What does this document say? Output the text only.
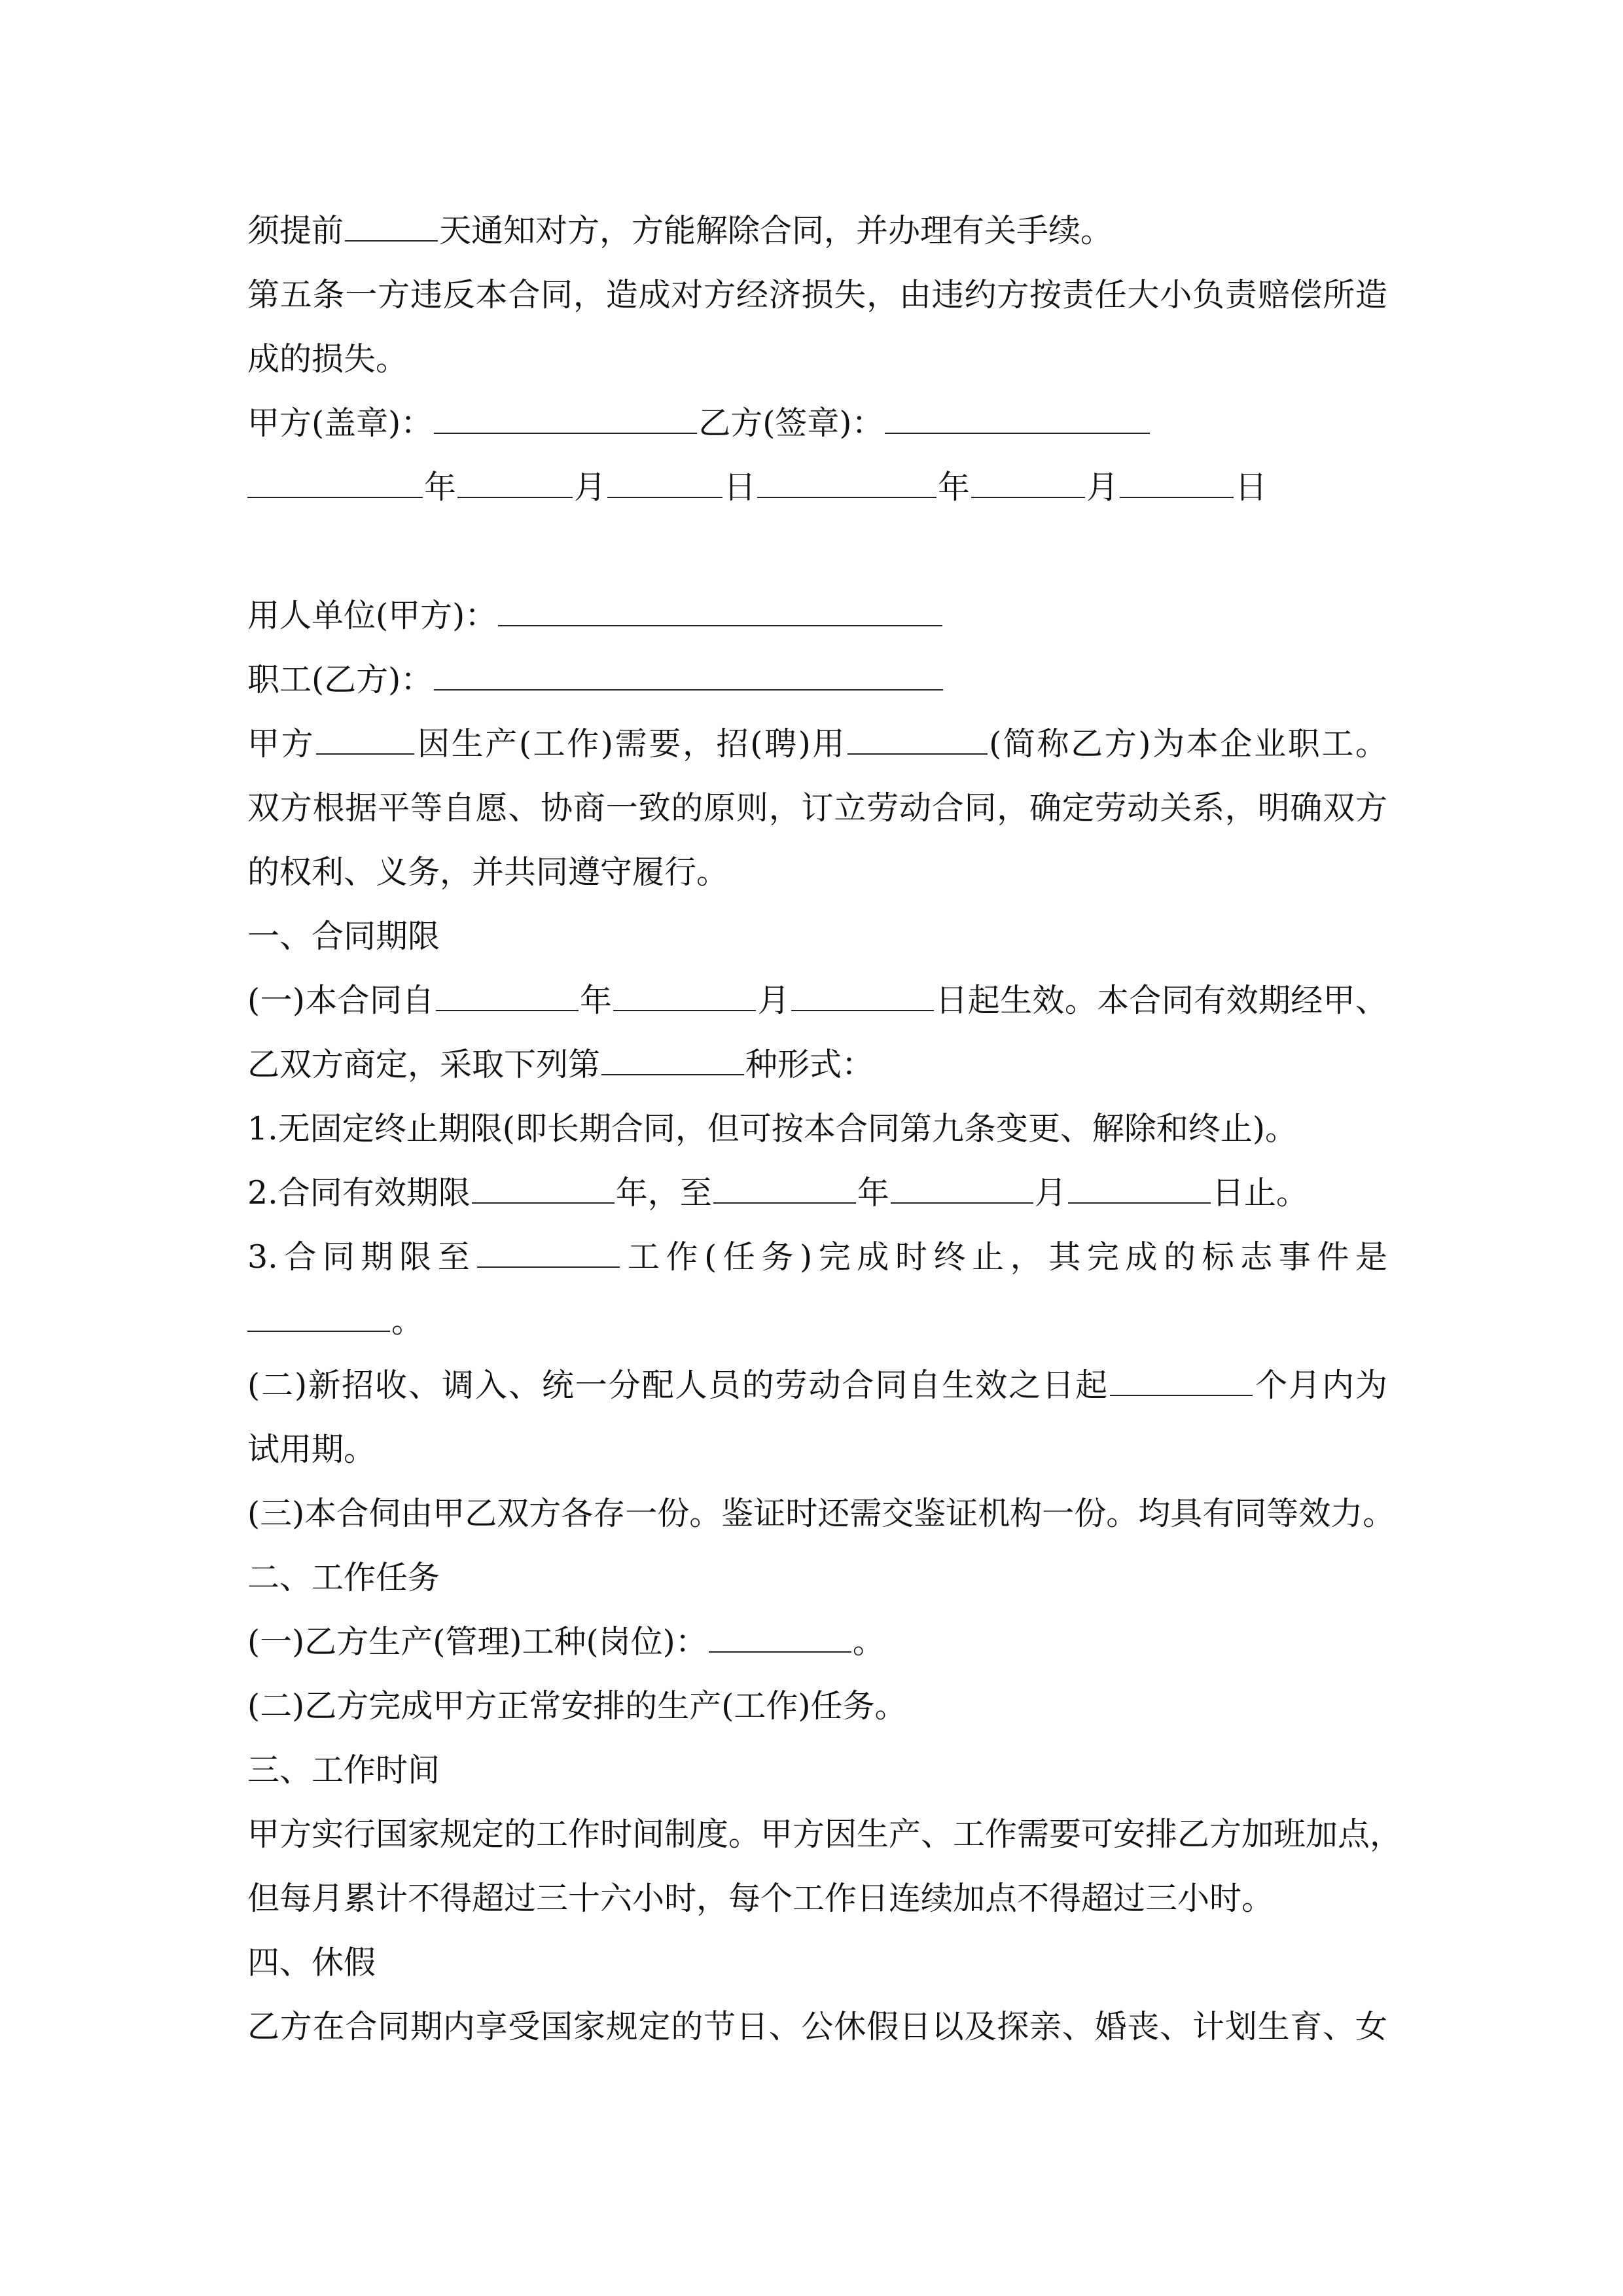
须提前	天通知对方，方能解除合同，并办理有关手续。
第五条一方违反本合同，造成对方经济损失，由违约方按责任大小负责赔偿所造
成的损失。
甲方(盖章)：	乙方(签章)：
年	月	日	年	月	日
用人单位(甲方)：
职工(乙方)：
甲方	因生产(工作)需要，招(聘)用	(简称乙方)为本企业职工。
双方根据平等自愿、协商一致的原则，订立劳动合同，确定劳动关系，明确双方
的权利、义务，并共同遵守履行。
一、合同期限
(一)本合同自	年	月	日起生效。本合同有效期经甲、
乙双方商定，采取下列第	种形式：
1.无固定终止期限(即长期合同，但可按本合同第九条变更、解除和终止)。
2.合同有效期限	年，至	年	月	日止。
3.合同期限至	工作(任务)完成时终止，其完成的标志事件是
。
(二)新招收、调入、统一分配人员的劳动合同自生效之日起	个月内为
试用期。
(三)本合伺由甲乙双方各存一份。鉴证时还需交鉴证机构一份。均具有同等效力。
二、工作任务
(一)乙方生产(管理)工种(岗位)：	。
(二)乙方完成甲方正常安排的生产(工作)任务。
三、工作时间
甲方实行国家规定的工作时间制度。甲方因生产、工作需要可安排乙方加班加点，
但每月累计不得超过三十六小时，每个工作日连续加点不得超过三小时。
四、休假
乙方在合同期内享受国家规定的节日、公休假日以及探亲、婚丧、计划生育、女
